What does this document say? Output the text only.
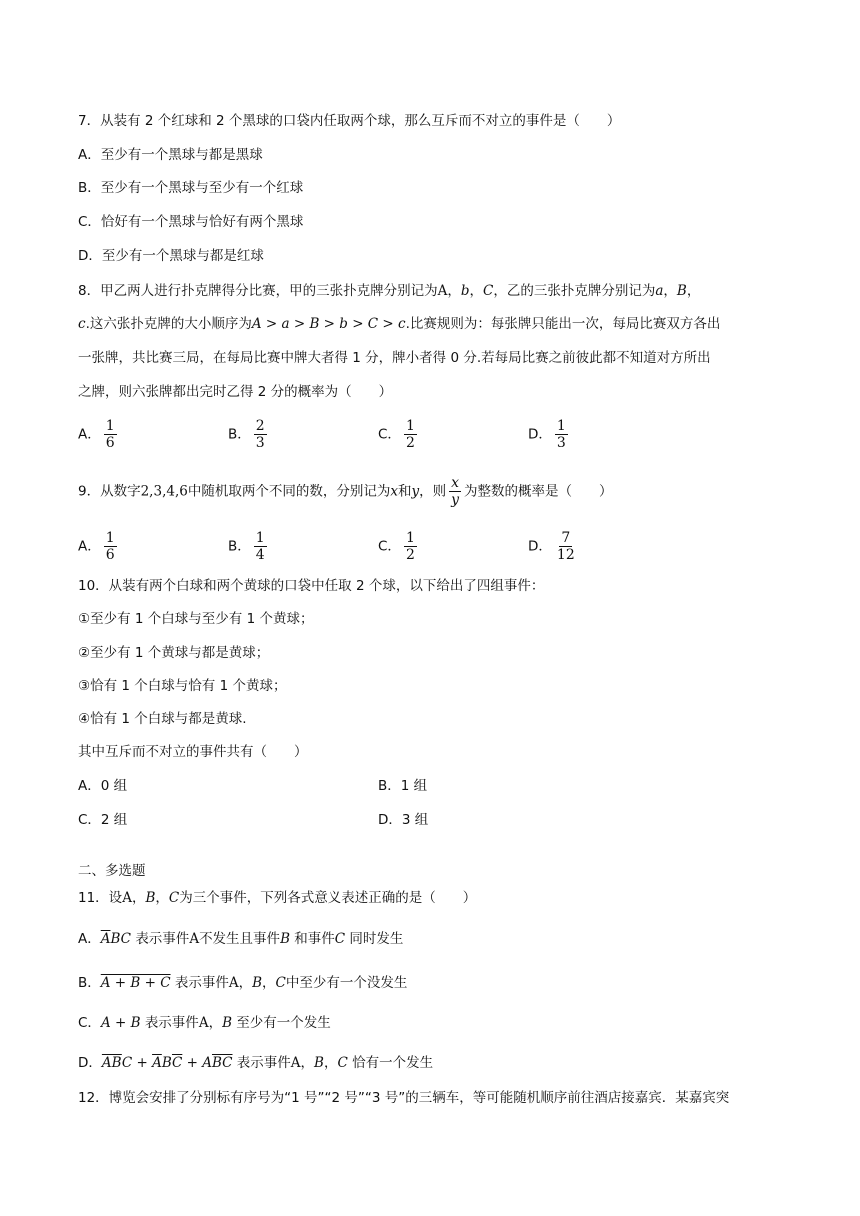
7．从装有 2 个红球和 2 个黑球的口袋内任取两个球，那么互斥而不对立的事件是（　　）
A．至少有一个黑球与都是黑球
B．至少有一个黑球与至少有一个红球
C．恰好有一个黑球与恰好有两个黑球
D．至少有一个黑球与都是红球
8．甲乙两人进行扑克牌得分比赛，甲的三张扑克牌分别记为A，b，C，乙的三张扑克牌分别记为a，B，
c.这六张扑克牌的大小顺序为A > a > B > b > C > c.比赛规则为：每张牌只能出一次，每局比赛双方各出
一张牌，共比赛三局，在每局比赛中牌大者得 1 分，牌小者得 0 分.若每局比赛之前彼此都不知道对方所出
之牌，则六张牌都出完时乙得 2 分的概率为（　　）
A． $\frac{1}{6}$	B． $\frac{2}{3}$	C． $\frac{1}{2}$	D． $\frac{1}{3}$
9．从数字2,3,4,6中随机取两个不同的数，分别记为x和y，则 $\frac{x}{y}$ 为整数的概率是（　　）
A． $\frac{1}{6}$	B． $\frac{1}{4}$	C． $\frac{1}{2}$	D． $\frac{7}{12}$
10．从装有两个白球和两个黄球的口袋中任取 2 个球，以下给出了四组事件：
①至少有 1 个白球与至少有 1 个黄球；
②至少有 1 个黄球与都是黄球；
③恰有 1 个白球与恰有 1 个黄球；
④恰有 1 个白球与都是黄球.
其中互斥而不对立的事件共有（　　）
A．0 组	B．1 组
C．2 组	D．3 组
二、多选题
11．设A，B，C为三个事件，下列各式意义表述正确的是（　　）
A．$\overline{A}BC$ 表示事件A不发生且事件B 和事件C 同时发生
B．A + B + C 表示事件A，B，C中至少有一个没发生
C．A + B 表示事件A，B 至少有一个发生
D．$\overline{AB}C + \overline{A}B\overline{C} + A\overline{BC}$ 表示事件A，B，C 恰有一个发生
12．博览会安排了分别标有序号为“1 号”“2 号”“3 号”的三辆车，等可能随机顺序前往酒店接嘉宾．某嘉宾突
